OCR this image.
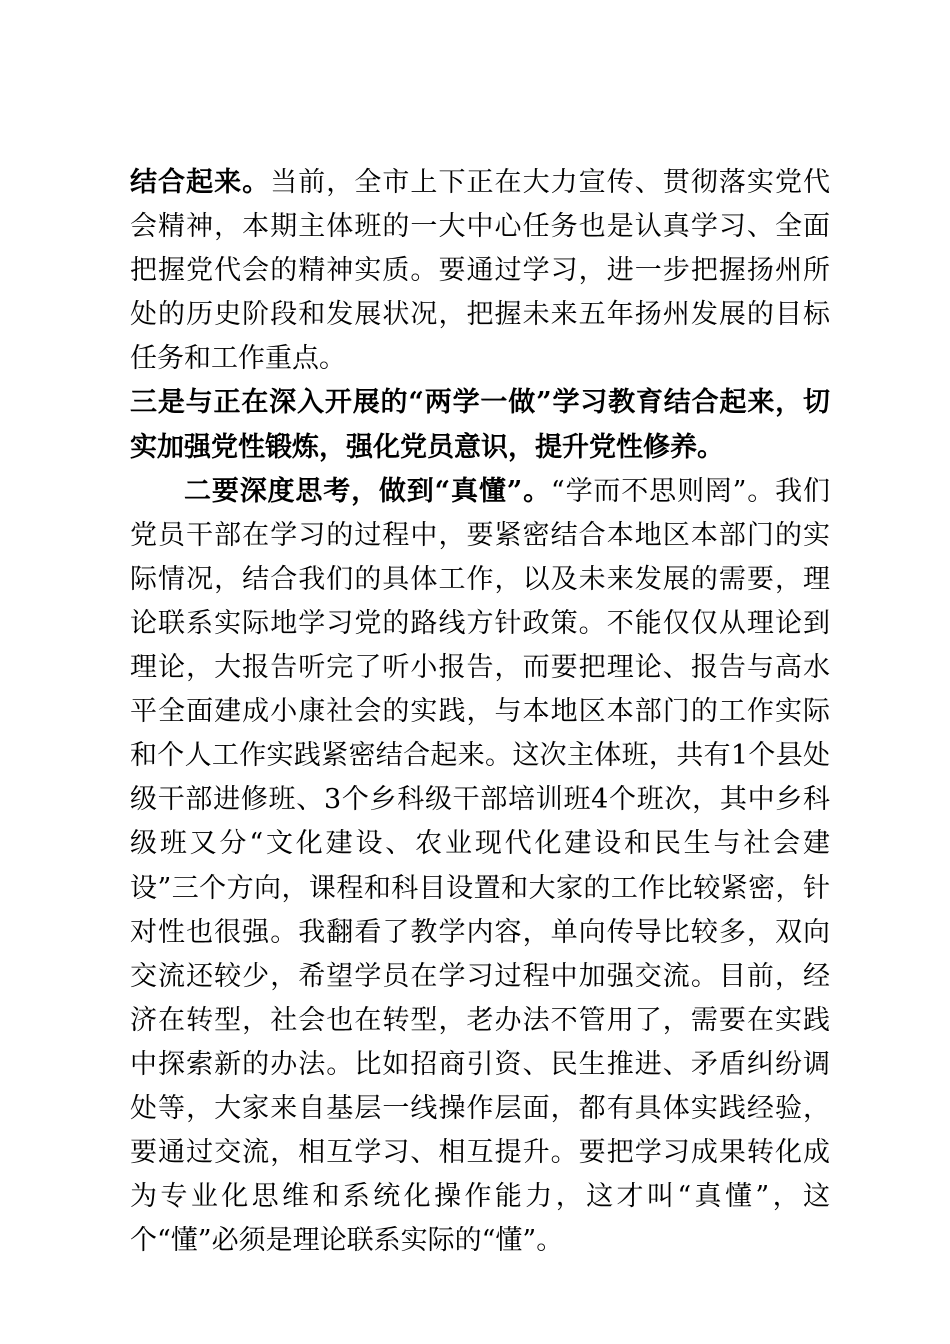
结合起来。当前，全市上下正在大力宣传、贯彻落实党代会精神，本期主体班的一大中心任务也是认真学习、全面把握党代会的精神实质。要通过学习，进一步把握扬州所处的历史阶段和发展状况，把握未来五年扬州发展的目标任务和工作重点。

三是与正在深入开展的“两学一做”学习教育结合起来，切实加强党性锻炼，强化党员意识，提升党性修养。

二要深度思考，做到“真懂”。“学而不思则罔”。我们党员干部在学习的过程中，要紧密结合本地区本部门的实际情况，结合我们的具体工作，以及未来发展的需要，理论联系实际地学习党的路线方针政策。不能仅仅从理论到理论，大报告听完了听小报告，而要把理论、报告与高水平全面建成小康社会的实践，与本地区本部门的工作实际和个人工作实践紧密结合起来。这次主体班，共有1个县处级干部进修班、3个乡科级干部培训班4个班次，其中乡科级班又分“文化建设、农业现代化建设和民生与社会建设”三个方向，课程和科目设置和大家的工作比较紧密，针对性也很强。我翻看了教学内容，单向传导比较多，双向交流还较少，希望学员在学习过程中加强交流。目前，经济在转型，社会也在转型，老办法不管用了，需要在实践中探索新的办法。比如招商引资、民生推进、矛盾纠纷调处等，大家来自基层一线操作层面，都有具体实践经验，要通过交流，相互学习、相互提升。要把学习成果转化成为专业化思维和系统化操作能力，这才叫“真懂”，这个“懂”必须是理论联系实际的“懂”。
